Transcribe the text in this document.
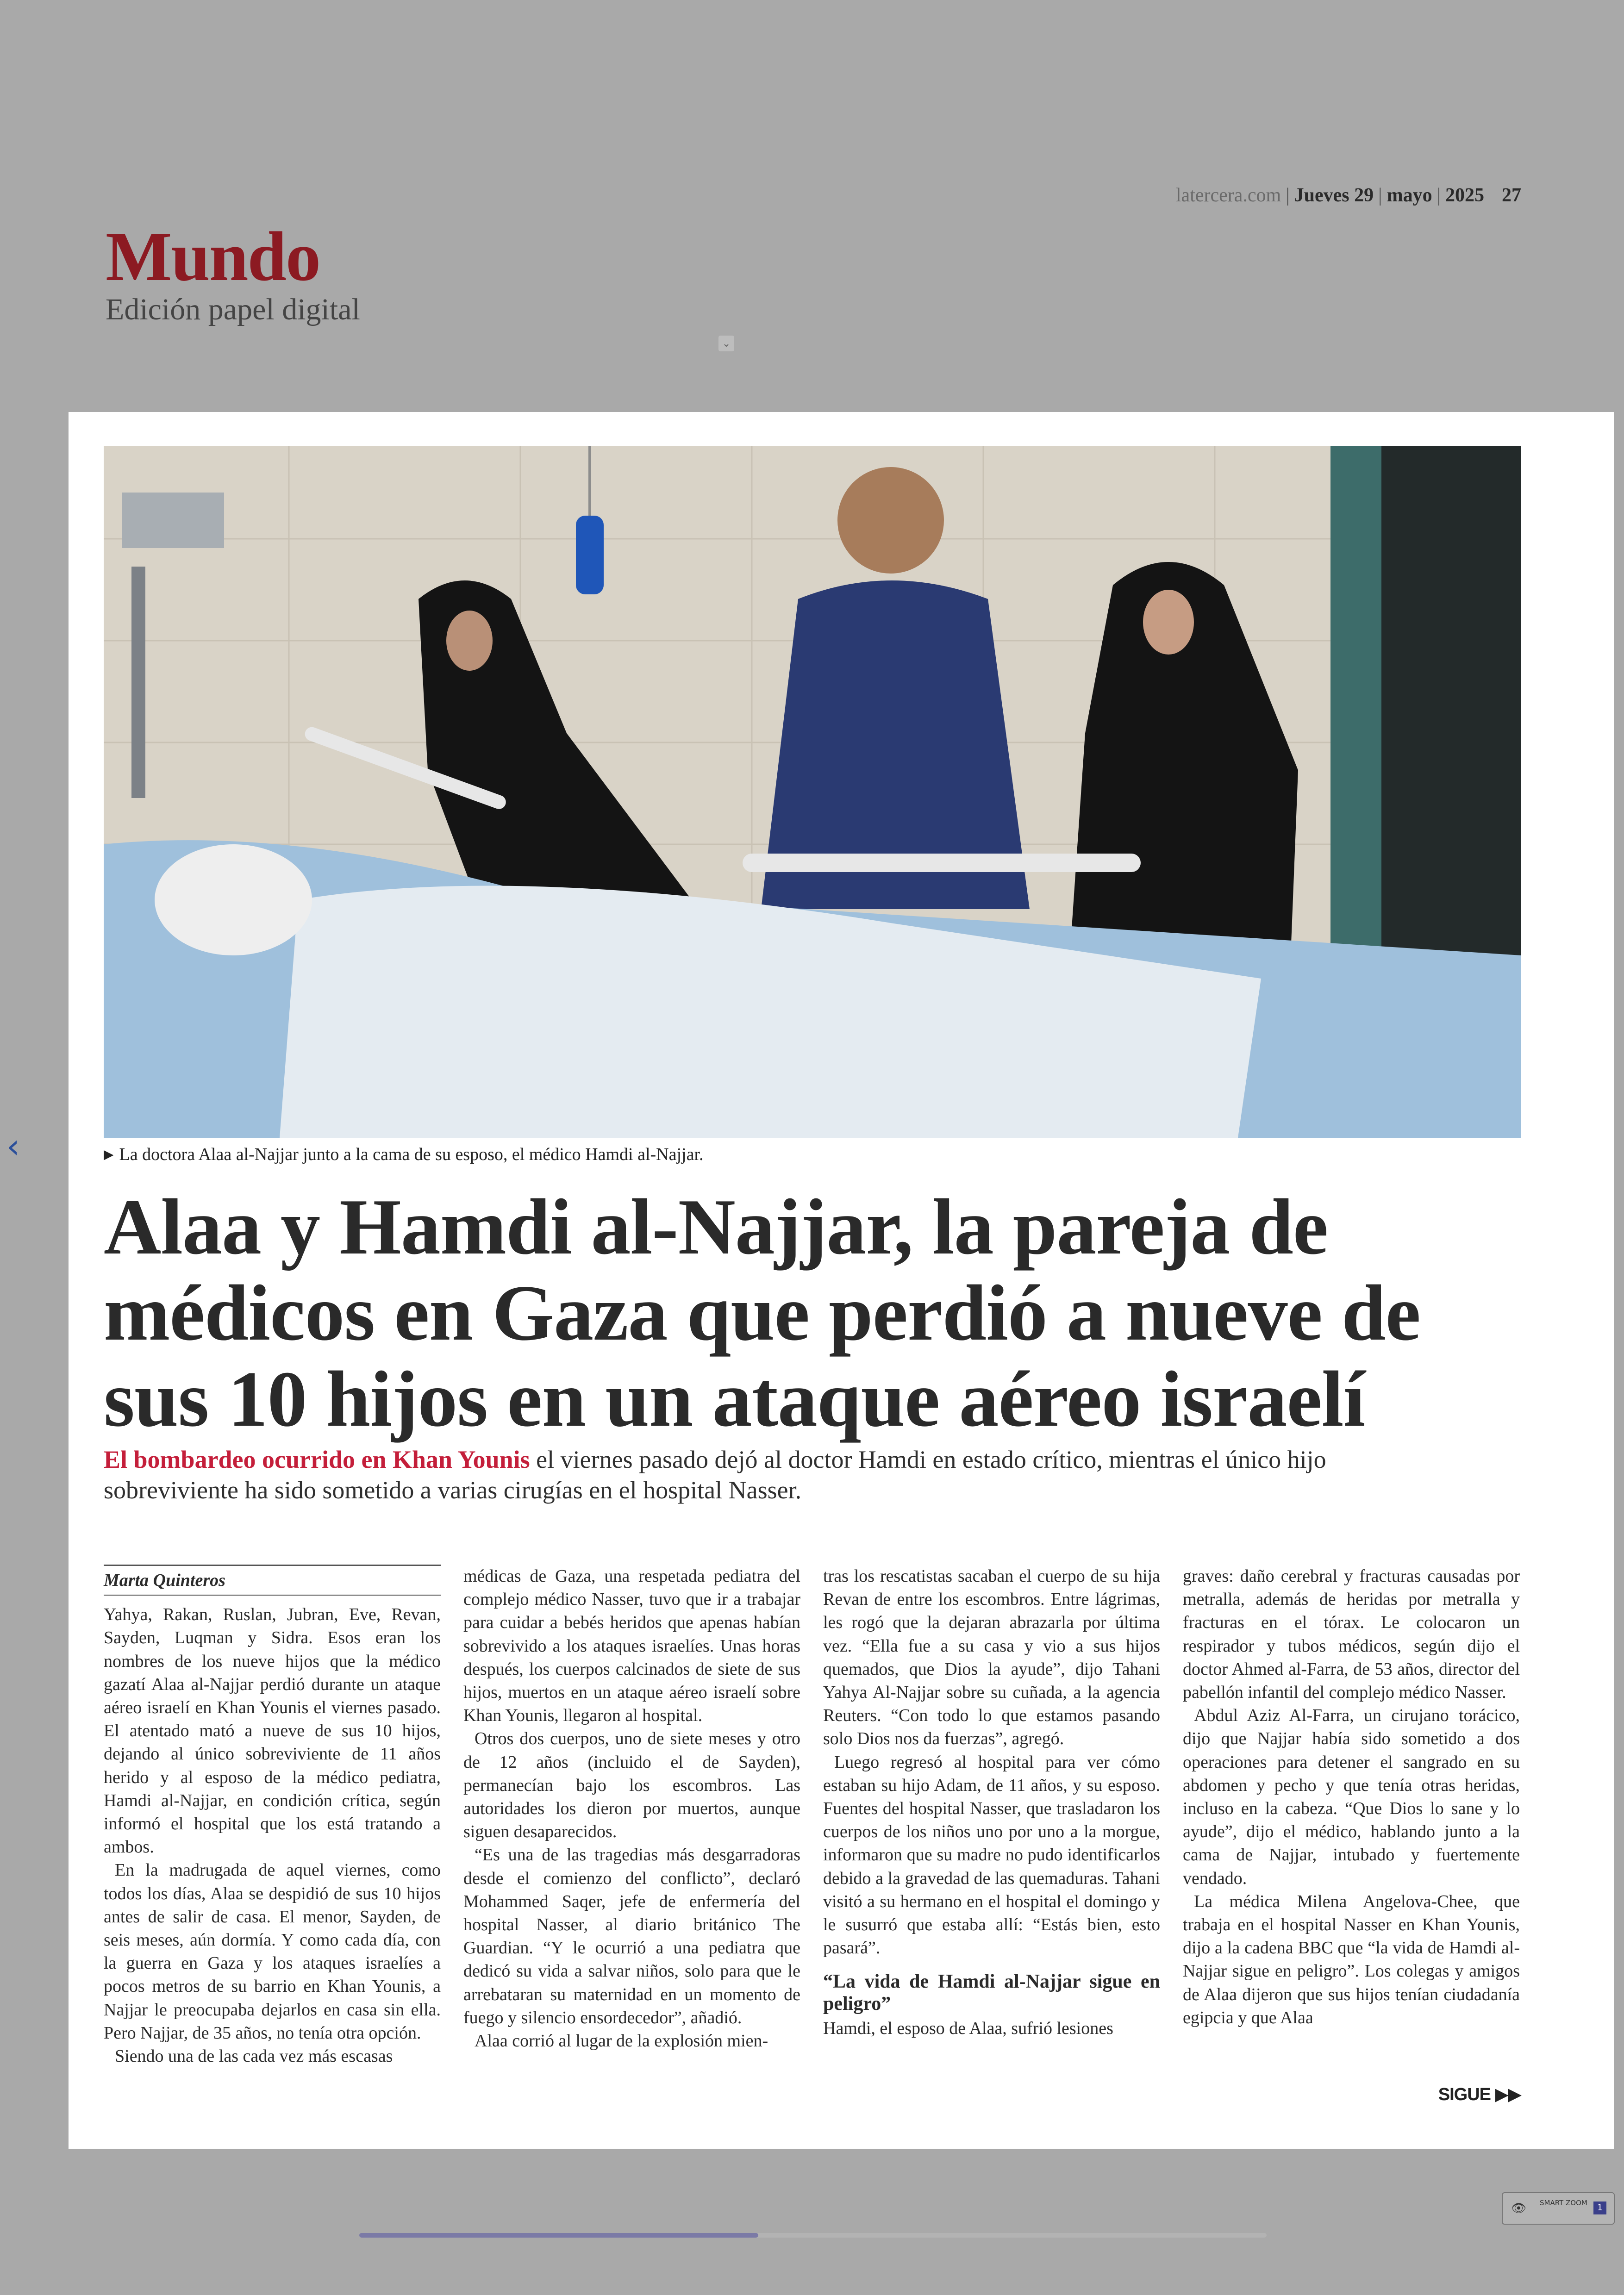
latercera.com | Jueves 29 | mayo | 2025 27
Mundo
Edición papel digital
⌄
‹	▶ La doctora Alaa al-Najjar junto a la cama de su esposo, el médico Hamdi al-Najjar.
Alaa y Hamdi al-Najjar, la pareja de médicos en Gaza que perdió a nueve de sus 10 hijos en un ataque aéreo israelí
El bombardeo ocurrido en Khan Younis el viernes pasado dejó al doctor Hamdi en estado crítico, mientras el único hijo sobreviviente ha sido sometido a varias cirugías en el hospital Nasser.
Marta Quinteros

Yahya, Rakan, Ruslan, Jubran, Eve, Revan, Sayden, Luqman y Sidra. Esos eran los nombres de los nueve hijos que la médico gazatí Alaa al-Najjar perdió durante un ataque aéreo israelí en Khan Younis el viernes pasado. El atentado mató a nueve de sus 10 hijos, dejando al único sobreviviente de 11 años herido y al esposo de la médico pediatra, Hamdi al-Najjar, en condición crítica, según informó el hospital que los está tratando a ambos.

En la madrugada de aquel viernes, como todos los días, Alaa se despidió de sus 10 hijos antes de salir de casa. El menor, Sayden, de seis meses, aún dormía. Y como cada día, con la guerra en Gaza y los ataques israelíes a pocos metros de su barrio en Khan Younis, a Najjar le preocupaba dejarlos en casa sin ella. Pero Najjar, de 35 años, no tenía otra opción.

Siendo una de las cada vez más escasas

médicas de Gaza, una respetada pediatra del complejo médico Nasser, tuvo que ir a trabajar para cuidar a bebés heridos que apenas habían sobrevivido a los ataques israelíes. Unas horas después, los cuerpos calcinados de siete de sus hijos, muertos en un ataque aéreo israelí sobre Khan Younis, llegaron al hospital.

Otros dos cuerpos, uno de siete meses y otro de 12 años (incluido el de Sayden), permanecían bajo los escombros. Las autoridades los dieron por muertos, aunque siguen desaparecidos.

“Es una de las tragedias más desgarradoras desde el comienzo del conflicto”, declaró Mohammed Saqer, jefe de enfermería del hospital Nasser, al diario británico The Guardian. “Y le ocurrió a una pediatra que dedicó su vida a salvar niños, solo para que le arrebataran su maternidad en un momento de fuego y silencio ensordecedor”, añadió.

Alaa corrió al lugar de la explosión mien-

tras los rescatistas sacaban el cuerpo de su hija Revan de entre los escombros. Entre lágrimas, les rogó que la dejaran abrazarla por última vez. “Ella fue a su casa y vio a sus hijos quemados, que Dios la ayude”, dijo Tahani Yahya Al-Najjar sobre su cuñada, a la agencia Reuters. “Con todo lo que estamos pasando solo Dios nos da fuerzas”, agregó.

Luego regresó al hospital para ver cómo estaban su hijo Adam, de 11 años, y su esposo. Fuentes del hospital Nasser, que trasladaron los cuerpos de los niños uno por uno a la morgue, informaron que su madre no pudo identificarlos debido a la gravedad de las quemaduras. Tahani visitó a su hermano en el hospital el domingo y le susurró que estaba allí: “Estás bien, esto pasará”.

“La vida de Hamdi al-Najjar sigue en peligro”

Hamdi, el esposo de Alaa, sufrió lesiones

graves: daño cerebral y fracturas causadas por metralla, además de heridas por metralla y fracturas en el tórax. Le colocaron un respirador y tubos médicos, según dijo el doctor Ahmed al-Farra, de 53 años, director del pabellón infantil del complejo médico Nasser.

Abdul Aziz Al-Farra, un cirujano torácico, dijo que Najjar había sido sometido a dos operaciones para detener el sangrado en su abdomen y pecho y que tenía otras heridas, incluso en la cabeza. “Que Dios lo sane y lo ayude”, dijo el médico, hablando junto a la cama de Najjar, intubado y fuertemente vendado.

La médica Milena Angelova-Chee, que trabaja en el hospital Nasser en Khan Younis, dijo a la cadena BBC que “la vida de Hamdi al-Najjar sigue en peligro”. Los colegas y amigos de Alaa dijeron que sus hijos tenían ciudadanía egipcia y que Alaa

SIGUE ▶▶
👁 SMART ZOOM	1
